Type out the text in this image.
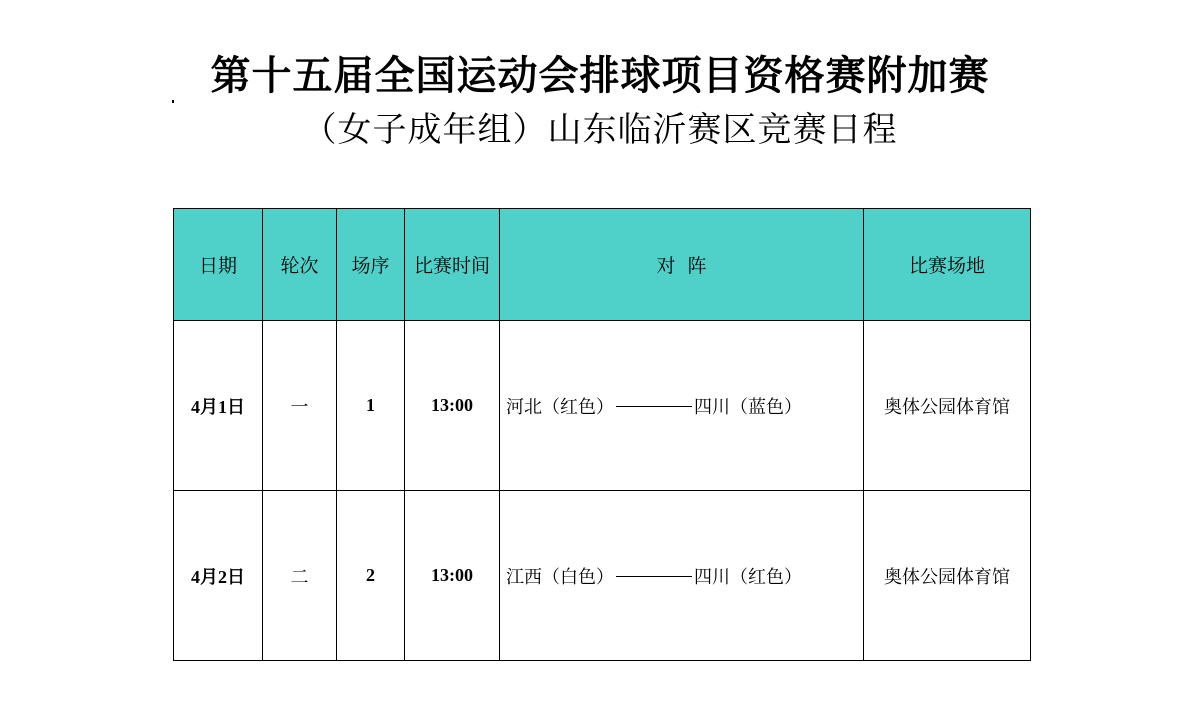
第十五届全国运动会排球项目资格赛附加赛
（女子成年组）山东临沂赛区竞赛日程
日期	轮次	场序	比赛时间	对  阵	比赛场地
4月1日	一	1	13:00	河北（红色） 四川（蓝色）	奥体公园体育馆
4月2日	二	2	13:00	江西（白色） 四川（红色）	奥体公园体育馆
